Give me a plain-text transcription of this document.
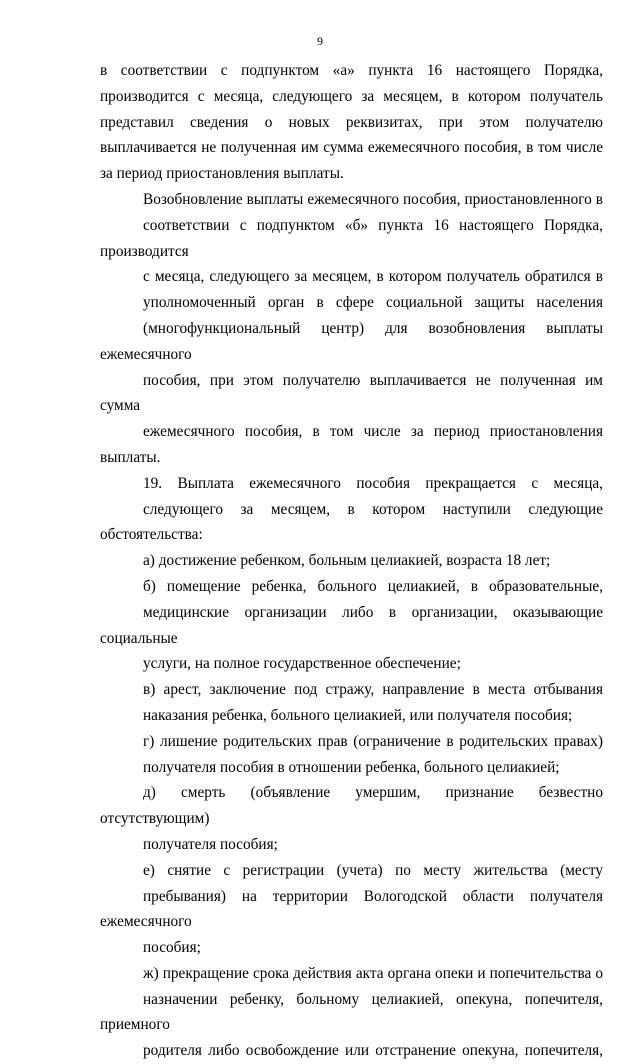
9

в соответствии с подпунктом «а» пункта 16 настоящего Порядка,
производится с месяца, следующего за месяцем, в котором получатель
представил сведения о новых реквизитах, при этом получателю
выплачивается не полученная им сумма ежемесячного пособия, в том числе
за период приостановления выплаты.

Возобновление выплаты ежемесячного пособия, приостановленного в
соответствии с подпунктом «б» пункта 16 настоящего Порядка, производится
с месяца, следующего за месяцем, в котором получатель обратился в
уполномоченный орган в сфере социальной защиты населения
(многофункциональный центр) для возобновления выплаты ежемесячного
пособия, при этом получателю выплачивается не полученная им сумма
ежемесячного пособия, в том числе за период приостановления выплаты.

19. Выплата ежемесячного пособия прекращается с месяца,
следующего за месяцем, в котором наступили следующие обстоятельства:

а) достижение ребенком, больным целиакией, возраста 18 лет;

б) помещение ребенка, больного целиакией, в образовательные,
медицинские организации либо в организации, оказывающие социальные
услуги, на полное государственное обеспечение;

в) арест, заключение под стражу, направление в места отбывания
наказания ребенка, больного целиакией, или получателя пособия;

г) лишение родительских прав (ограничение в родительских правах)
получателя пособия в отношении ребенка, больного целиакией;

д) смерть (объявление умершим, признание безвестно отсутствующим)
получателя пособия;

е) снятие с регистрации (учета) по месту жительства (месту
пребывания) на территории Вологодской области получателя ежемесячного
пособия;

ж) прекращение срока действия акта органа опеки и попечительства о
назначении ребенку, больному целиакией, опекуна, попечителя, приемного
родителя либо освобождение или отстранение опекуна, попечителя,
